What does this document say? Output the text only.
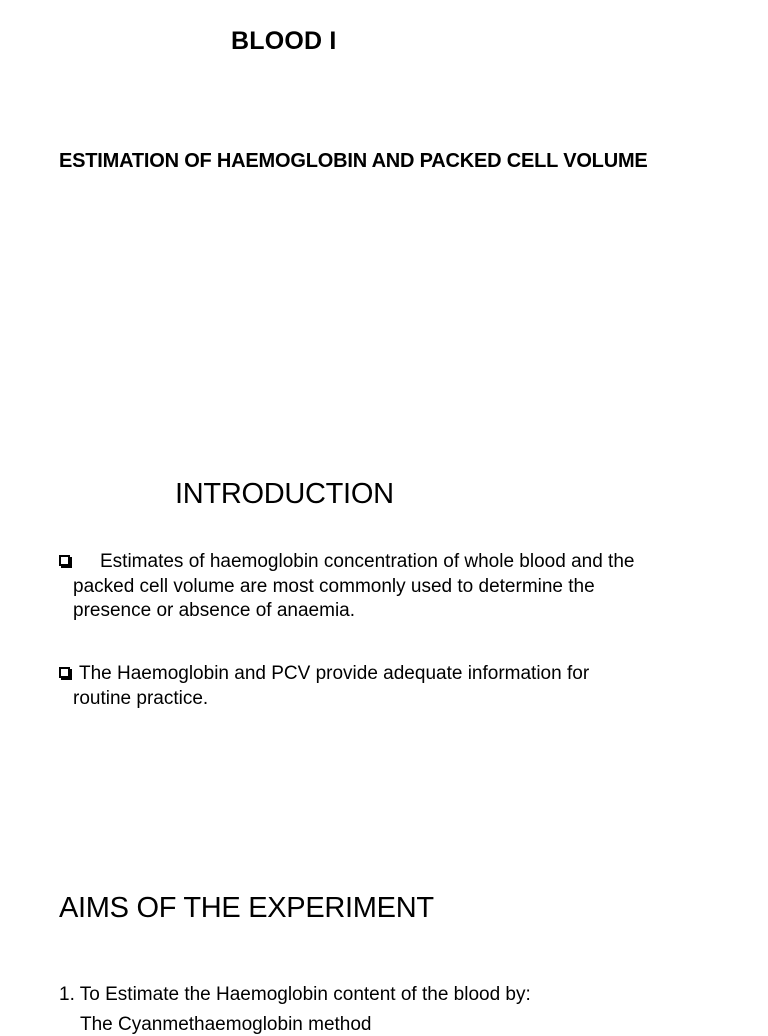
BLOOD I
ESTIMATION OF HAEMOGLOBIN AND PACKED CELL VOLUME
INTRODUCTION
Estimates of haemoglobin concentration of whole blood and the
packed cell volume are most commonly used to determine the
presence or absence of anaemia.
The Haemoglobin and PCV provide adequate information for
routine practice.
AIMS OF THE EXPERIMENT
1. To Estimate the Haemoglobin content of the blood by:
The Cyanmethaemoglobin method
